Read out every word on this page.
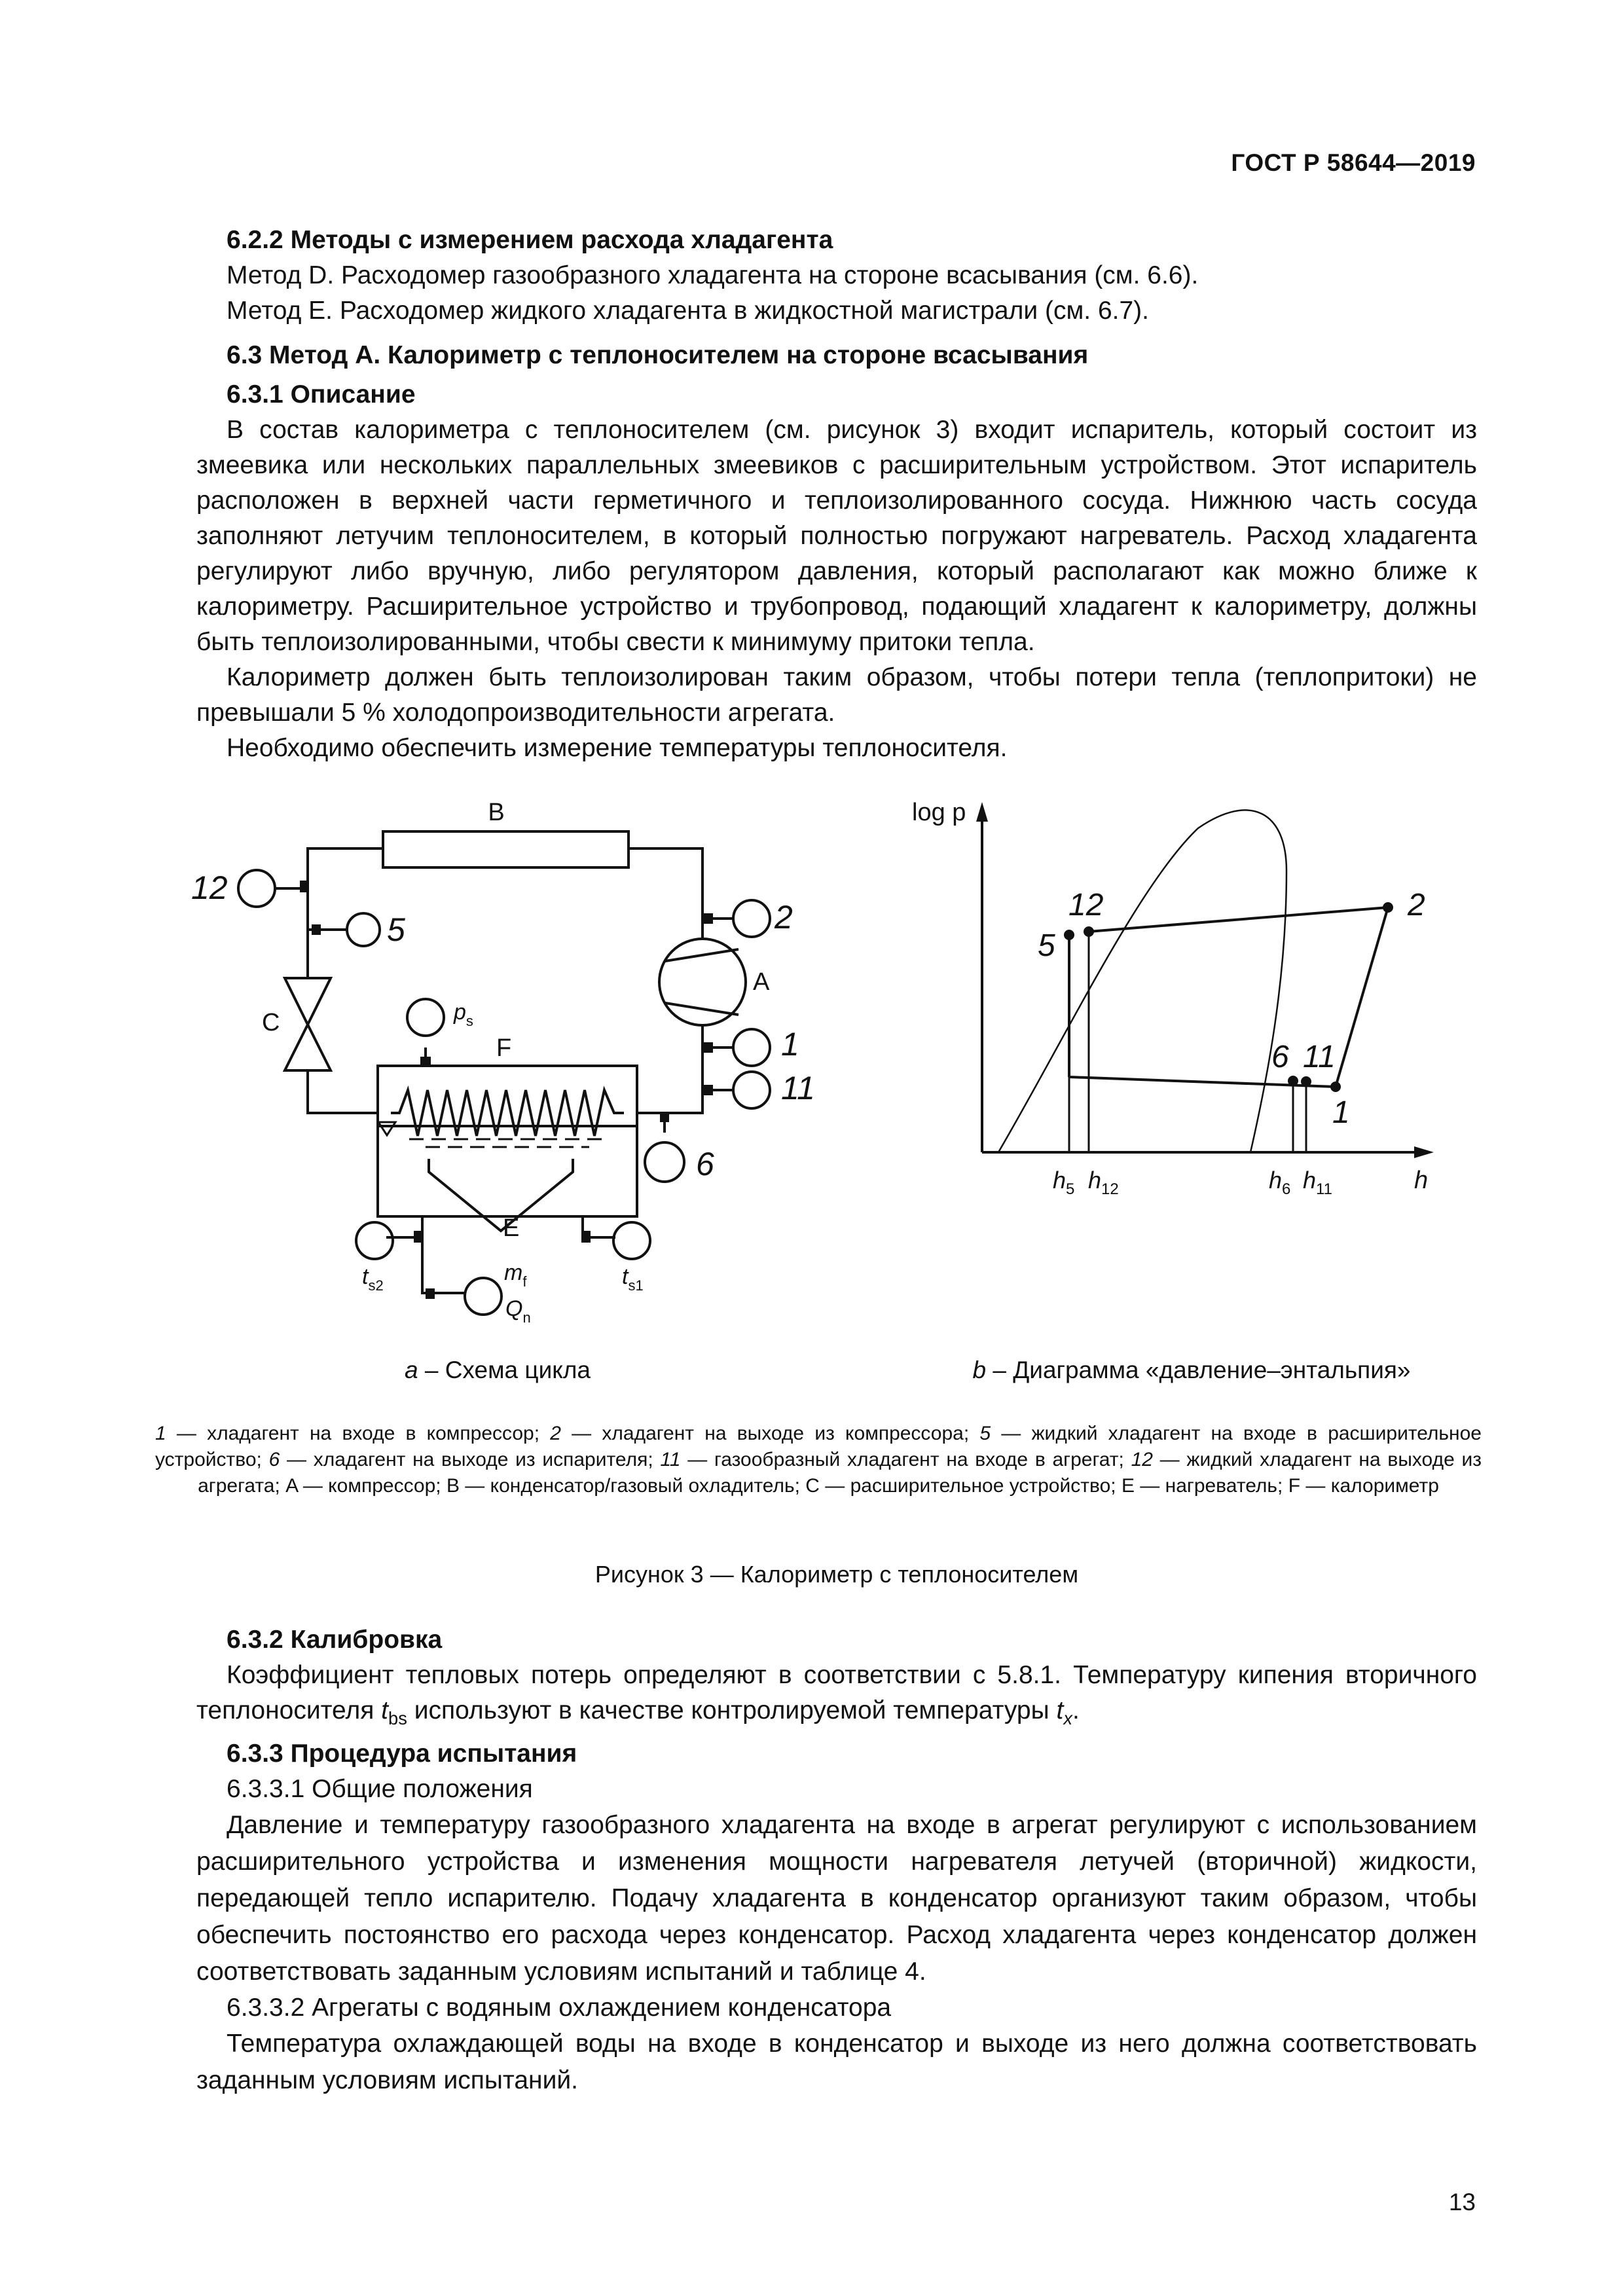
ГОСТ Р 58644—2019

6.2.2 Методы с измерением расхода хладагента

Метод D. Расходомер газообразного хладагента на стороне всасывания (см. 6.6).

Метод E. Расходомер жидкого хладагента в жидкостной магистрали (см. 6.7).

6.3 Метод А. Калориметр с теплоносителем на стороне всасывания

6.3.1 Описание

В состав калориметра с теплоносителем (см. рисунок 3) входит испаритель, который состоит из змеевика или нескольких параллельных змеевиков с расширительным устройством. Этот испаритель расположен в верхней части герметичного и теплоизолированного сосуда. Нижнюю часть сосуда заполняют летучим теплоносителем, в который полностью погружают нагреватель. Расход хладагента регулируют либо вручную, либо регулятором давления, который располагают как можно ближе к калориметру. Расширительное устройство и трубопровод, подающий хладагент к калориметру, должны быть теплоизолированными, чтобы свести к минимуму притоки тепла.

Калориметр должен быть теплоизолирован таким образом, чтобы потери тепла (теплопритоки) не превышали 5 % холодопроизводительности агрегата.

Необходимо обеспечить измерение температуры теплоносителя.

B
A
C
F
E
12
5	2
1
11
6
$p_s$
$t_{s2}$	$t_{s1}$
$m_f$
$Q_n$
log p
h
5
12	2
1
11
6
$h_5$ $h_{12}$	$h_6$ $h_{11}$
a – Схема цикла	b – Диаграмма «давление–энтальпия»

1 — хладагент на входе в компрессор; 2 — хладагент на выходе из компрессора; 5 — жидкий хладагент на входе в расширительное устройство; 6 — хладагент на выходе из испарителя; 11 — газообразный хладагент на входе в агрегат; 12 — жидкий хладагент на выходе из агрегата; A — компрессор; B — конденсатор/газовый охладитель; C — расширительное устройство; E — нагреватель; F — калориметр

Рисунок 3 — Калориметр с теплоносителем

6.3.2 Калибровка

Коэффициент тепловых потерь определяют в соответствии с 5.8.1. Температуру кипения вторичного теплоносителя $t_{bs}$ используют в качестве контролируемой температуры $t_x$.

6.3.3 Процедура испытания

6.3.3.1 Общие положения

Давление и температуру газообразного хладагента на входе в агрегат регулируют с использованием расширительного устройства и изменения мощности нагревателя летучей (вторичной) жидкости, передающей тепло испарителю. Подачу хладагента в конденсатор организуют таким образом, чтобы обеспечить постоянство его расхода через конденсатор. Расход хладагента через конденсатор должен соответствовать заданным условиям испытаний и таблице 4.

6.3.3.2 Агрегаты с водяным охлаждением конденсатора

Температура охлаждающей воды на входе в конденсатор и выходе из него должна соответствовать заданным условиям испытаний.

13
